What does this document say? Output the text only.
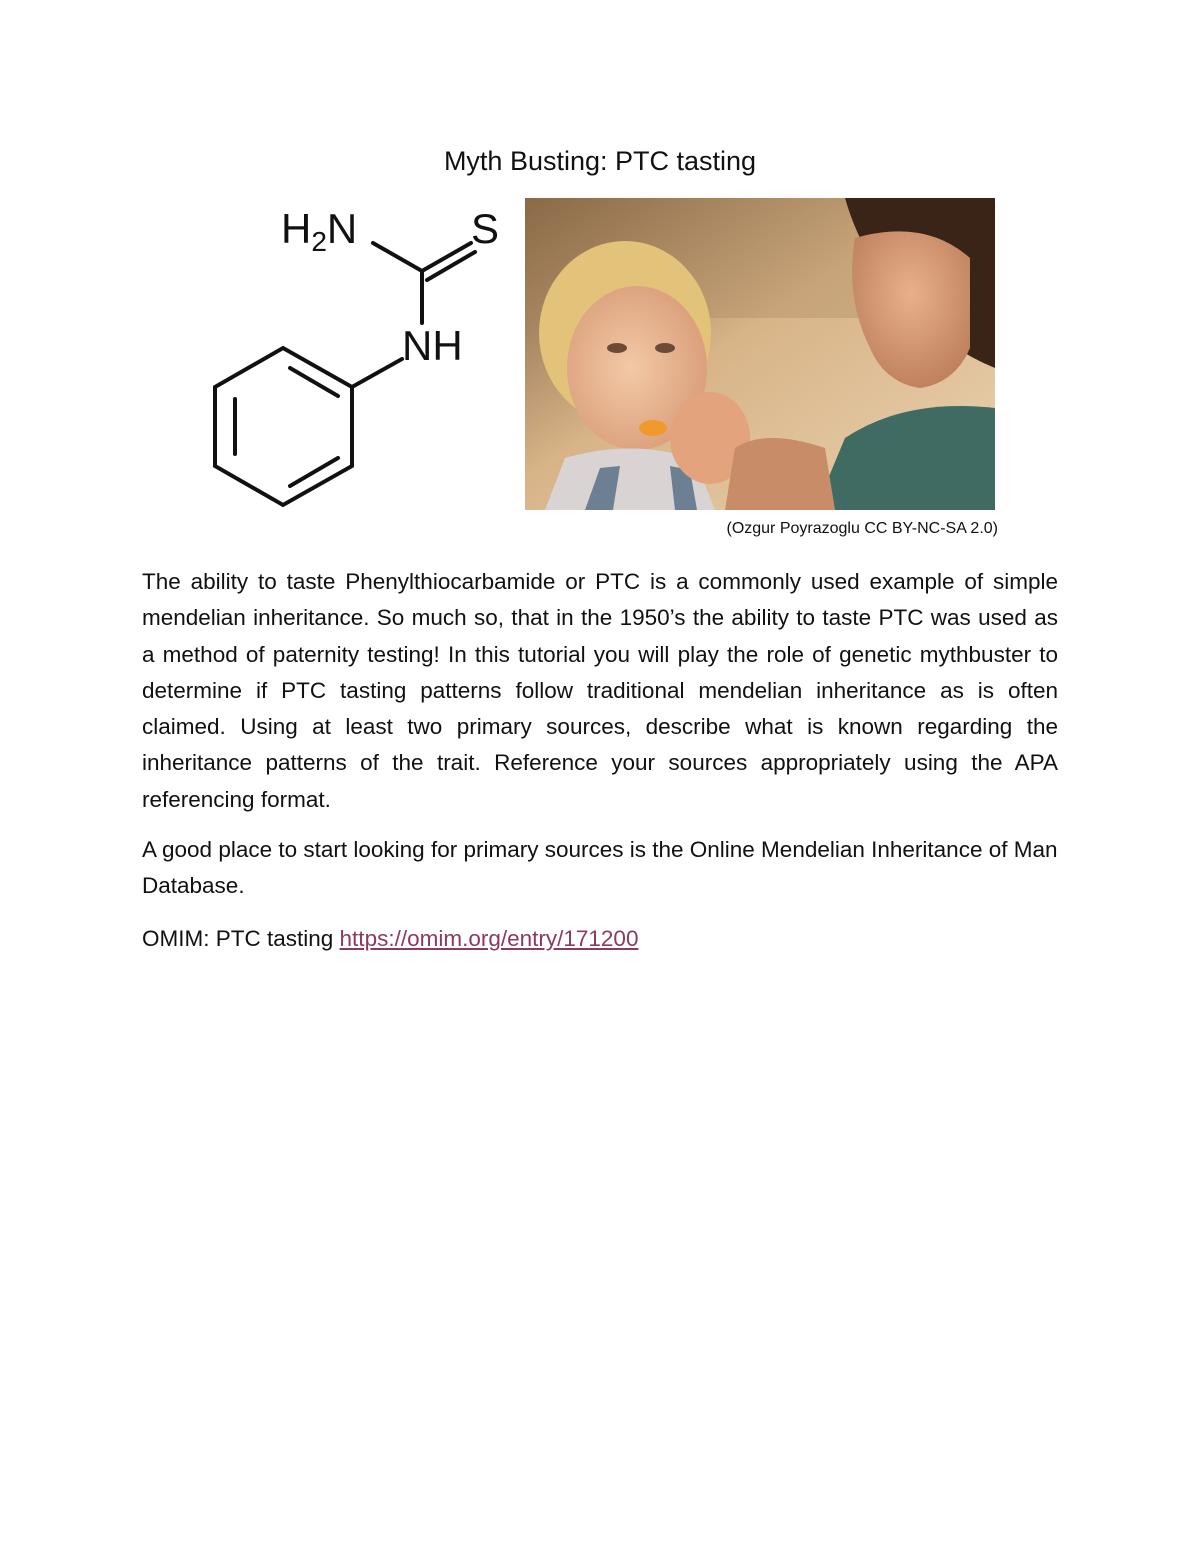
Myth Busting: PTC tasting
H2N	S
NH
(Ozgur Poyrazoglu CC BY-NC-SA 2.0)

The ability to taste Phenylthiocarbamide or PTC is a commonly used example of simple mendelian inheritance. So much so, that in the 1950’s the ability to taste PTC was used as a method of paternity testing! In this tutorial you will play the role of genetic mythbuster to determine if PTC tasting patterns follow traditional mendelian inheritance as is often claimed. Using at least two primary sources, describe what is known regarding the inheritance patterns of the trait. Reference your sources appropriately using the APA referencing format.

A good place to start looking for primary sources is the Online Mendelian Inheritance of Man Database.

OMIM: PTC tasting https://omim.org/entry/171200
